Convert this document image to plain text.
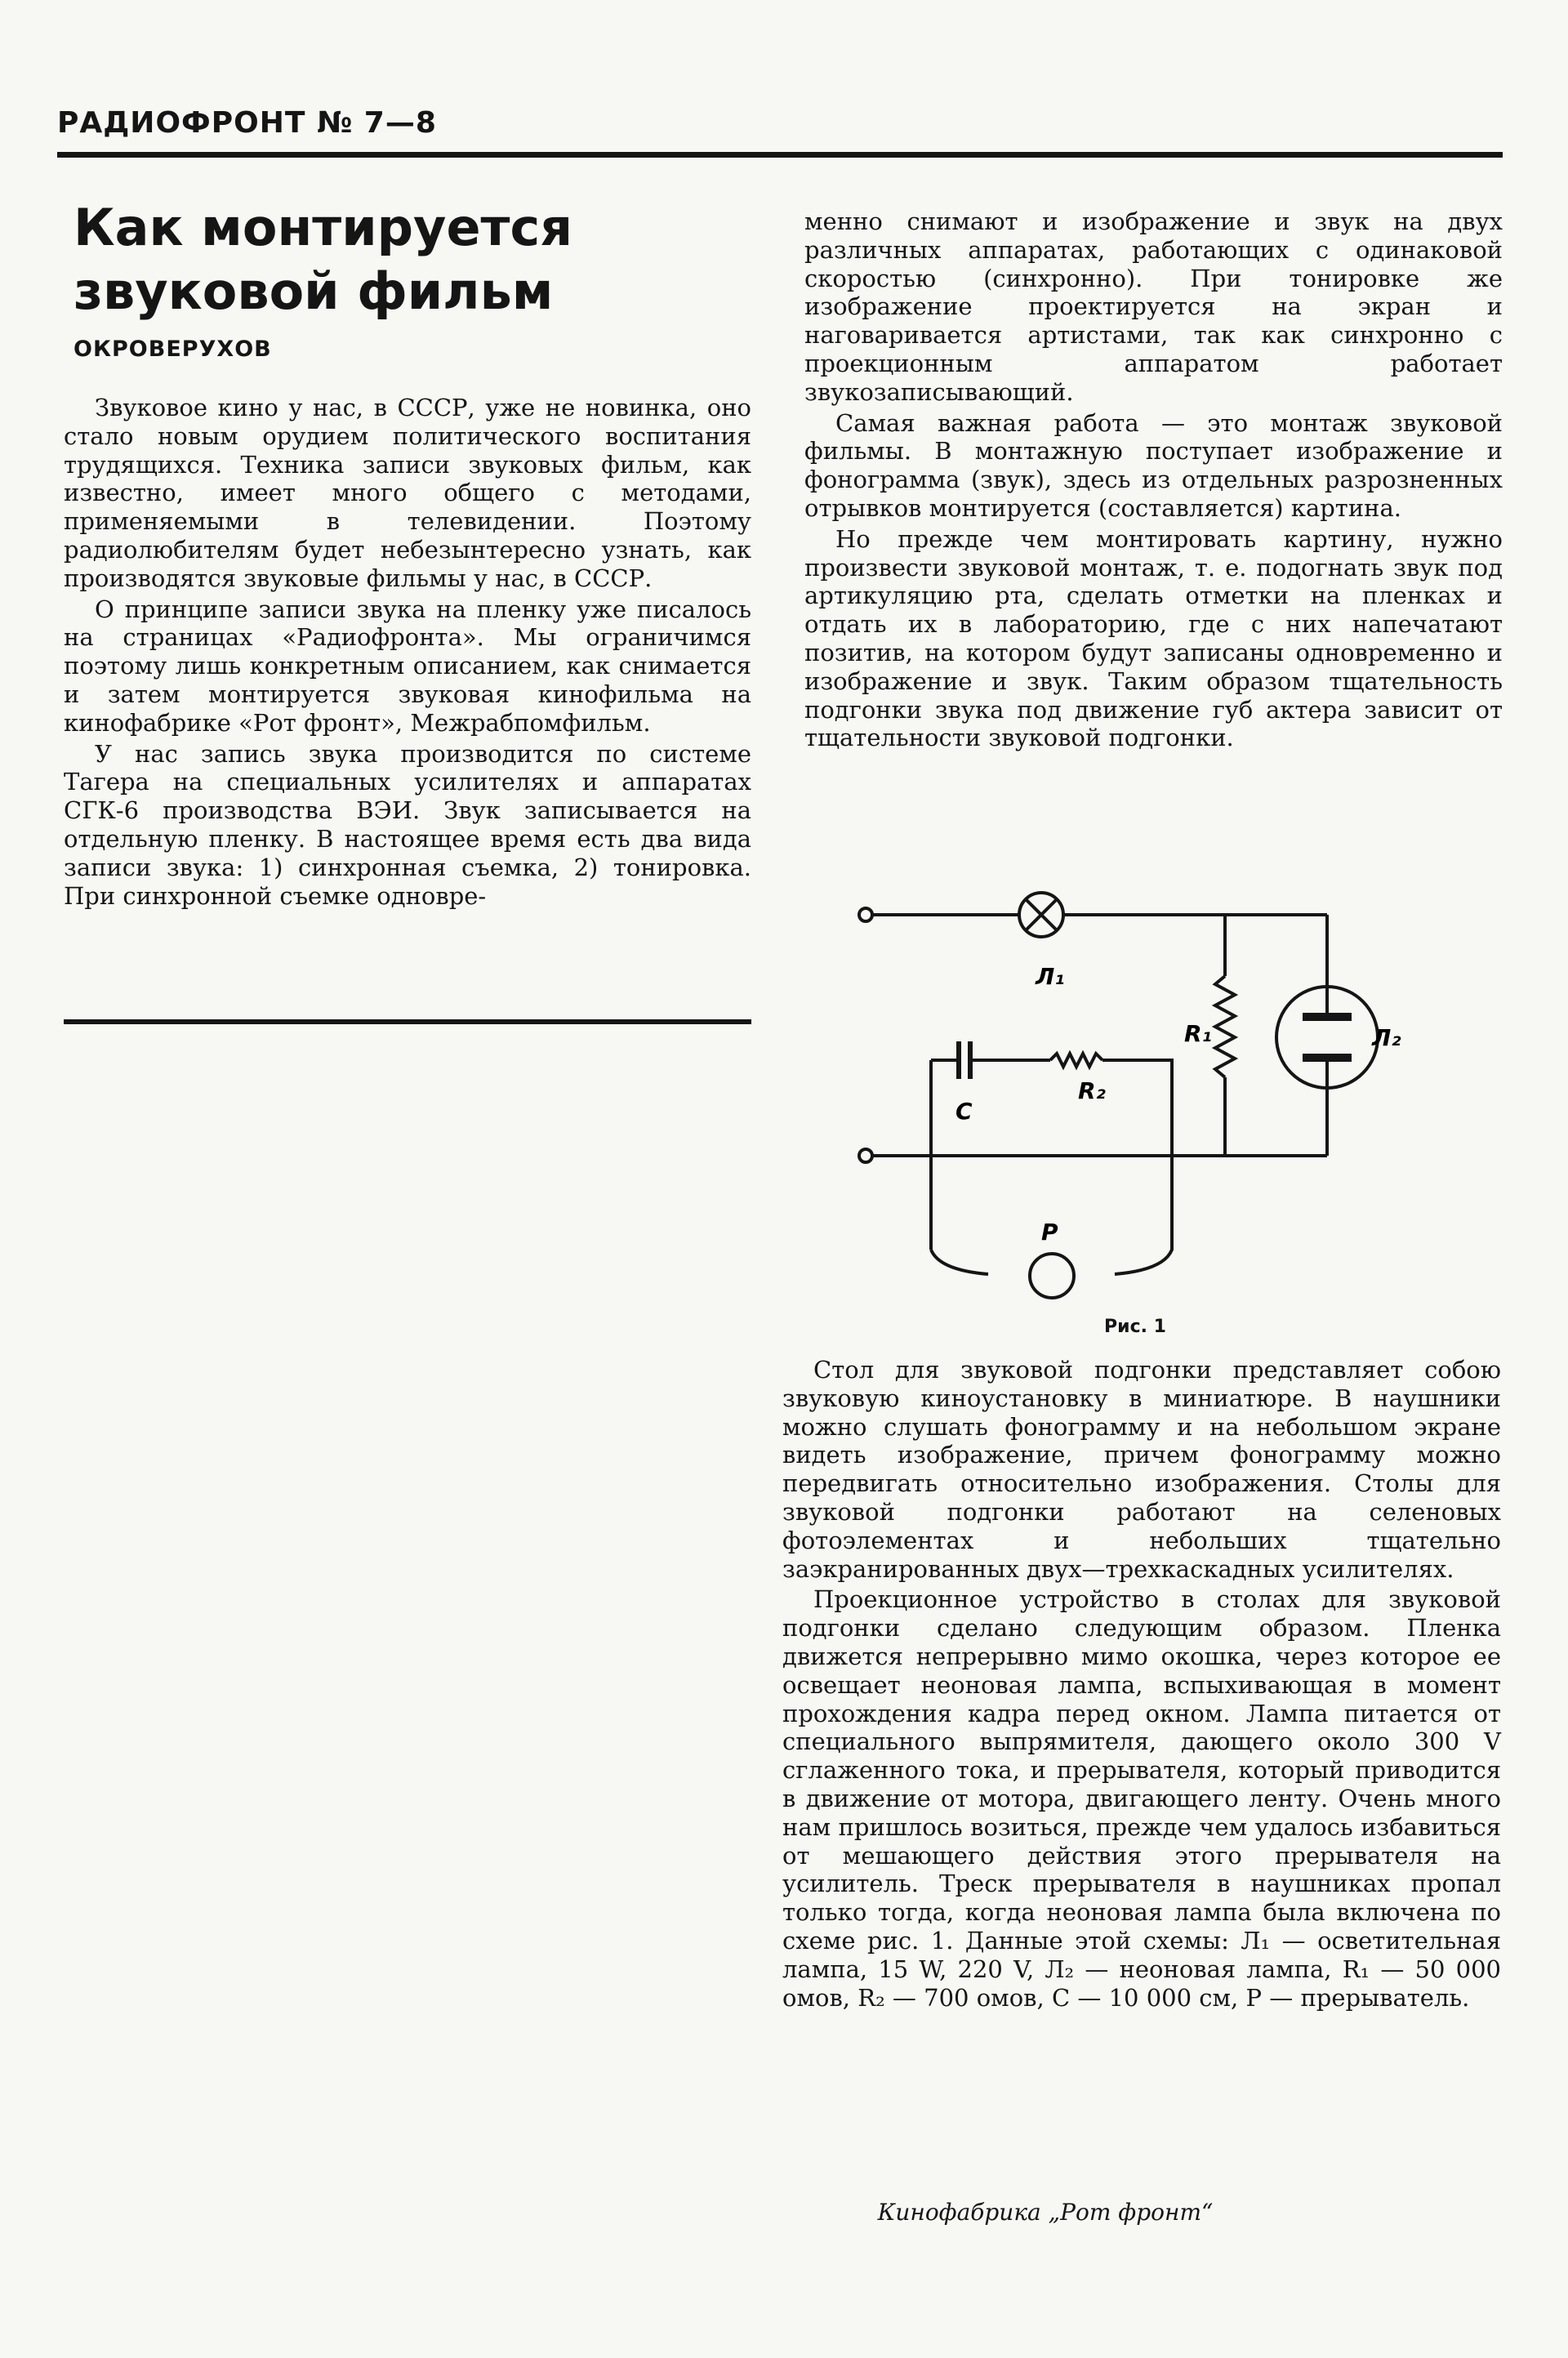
РАДИОФРОНТ № 7—8
Как монтируется
звуковой фильм
ОКРОВЕРУХОВ

Звуковое кино у нас, в СССР, уже не новинка, оно стало новым орудием политического воспитания трудящихся. Техника записи звуковых фильм, как известно, имеет много общего с методами, применяемыми в телевидении. Поэтому радиолюбителям будет небезынтересно узнать, как производятся звуковые фильмы у нас, в СССР.

О принципе записи звука на пленку уже писалось на страницах «Радиофронта». Мы ограничимся поэтому лишь конкретным описанием, как снимается и затем монтируется звуковая кинофильма на кинофабрике «Рот фронт», Межрабпомфильм.

У нас запись звука производится по системе Тагера на специальных усилителях и аппаратах СГК-6 производства ВЭИ. Звук записывается на отдельную пленку. В настоящее время есть два вида записи звука: 1) синхронная съемка, 2) тонировка. При синхронной съемке одновре-

менно снимают и изображение и звук на двух различных аппаратах, работающих с одинаковой скоростью (синхронно). При тонировке же изображение проектируется на экран и наговаривается артистами, так как синхронно с проекционным аппаратом работает звукозаписывающий.

Самая важная работа — это монтаж звуковой фильмы. В монтажную поступает изображение и фонограмма (звук), здесь из отдельных разрозненных отрывков монтируется (составляется) картина.

Но прежде чем монтировать картину, нужно произвести звуковой монтаж, т. е. подогнать звук под артикуляцию рта, сделать отметки на пленках и отдать их в лабораторию, где с них напечатают позитив, на котором будут записаны одновременно и изображение и звук. Таким образом тщательность подгонки звука под движение губ актера зависит от тщательности звуковой подгонки.

Л₁
Л₂
R₁
R₂
C
P
Рис. 1

Стол для звуковой подгонки представляет собою звуковую киноустановку в миниатюре. В наушники можно слушать фонограмму и на небольшом экране видеть изображение, причем фонограмму можно передвигать относительно изображения. Столы для звуковой подгонки работают на селеновых фотоэлементах и небольших тщательно заэкранированных двух—трехкаскадных усилителях.

Проекционное устройство в столах для звуковой подгонки сделано следующим образом. Пленка движется непрерывно мимо окошка, через которое ее освещает неоновая лампа, вспыхивающая в момент прохождения кадра перед окном. Лампа питается от специального выпрямителя, дающего около 300 V сглаженного тока, и прерывателя, который приводится в движение от мотора, двигающего ленту. Очень много нам пришлось возиться, прежде чем удалось избавиться от мешающего действия этого прерывателя на усилитель. Треск прерывателя в наушниках пропал только тогда, когда неоновая лампа была включена по схеме рис. 1. Данные этой схемы: Л₁ — осветительная лампа, 15 W, 220 V, Л₂ — неоновая лампа, R₁ — 50 000 омов, R₂ — 700 омов, C — 10 000 см, P — прерыватель.

Кинофабрика „Рот фронт“
